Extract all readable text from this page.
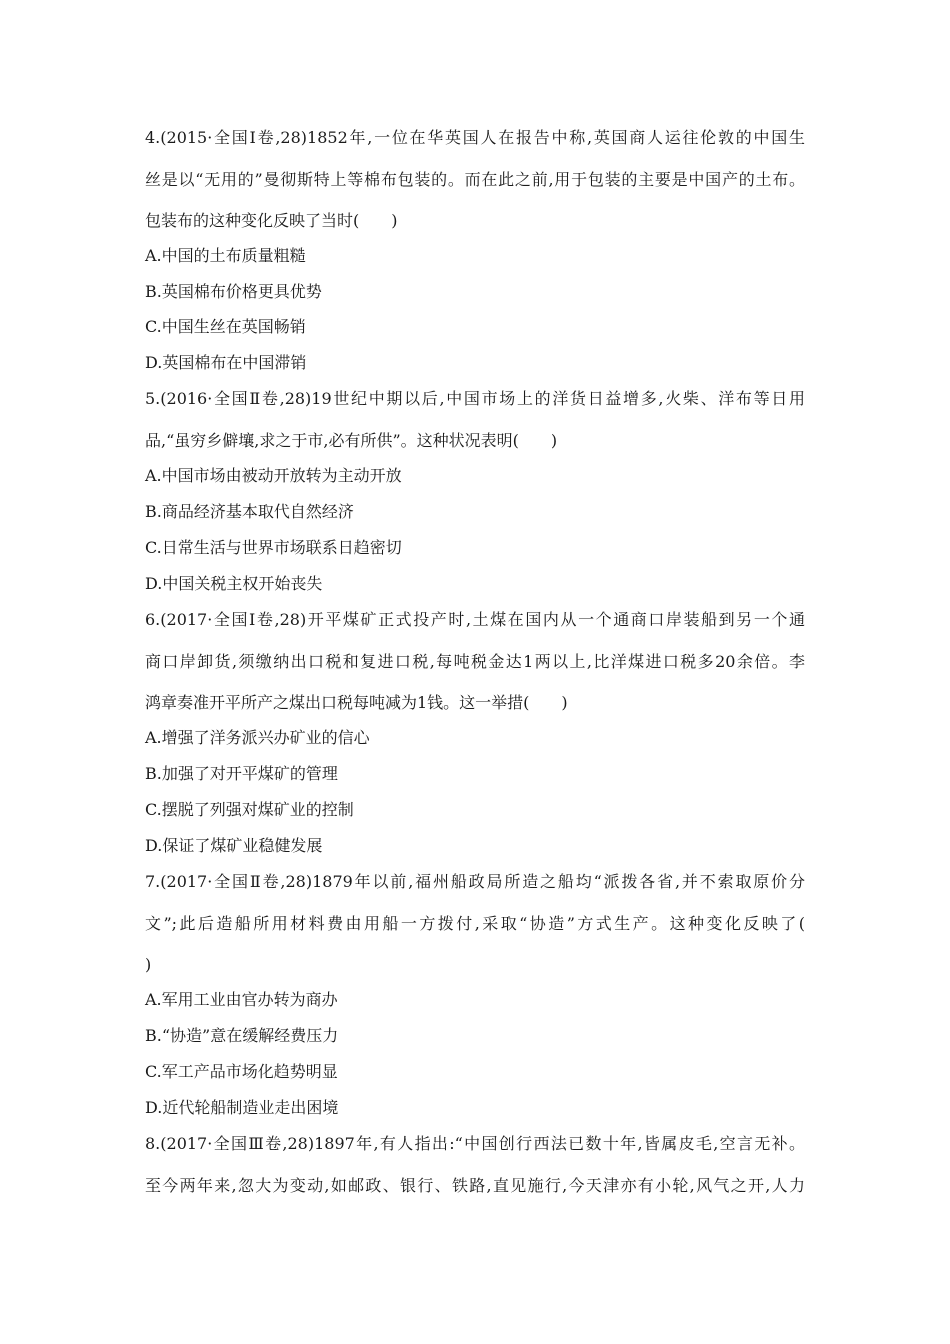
4.(2015·全国Ⅰ卷,28)1852年,一位在华英国人在报告中称,英国商人运往伦敦的中国生
丝是以“无用的”曼彻斯特上等棉布包装的。而在此之前,用于包装的主要是中国产的土布。
包装布的这种变化反映了当时(　　)
A.中国的土布质量粗糙
B.英国棉布价格更具优势
C.中国生丝在英国畅销
D.英国棉布在中国滞销
5.(2016·全国Ⅱ卷,28)19世纪中期以后,中国市场上的洋货日益增多,火柴、洋布等日用
品,“虽穷乡僻壤,求之于市,必有所供”。这种状况表明(　　)
A.中国市场由被动开放转为主动开放
B.商品经济基本取代自然经济
C.日常生活与世界市场联系日趋密切
D.中国关税主权开始丧失
6.(2017·全国Ⅰ卷,28)开平煤矿正式投产时,土煤在国内从一个通商口岸装船到另一个通
商口岸卸货,须缴纳出口税和复进口税,每吨税金达1两以上,比洋煤进口税多20余倍。李
鸿章奏准开平所产之煤出口税每吨减为1钱。这一举措(　　)
A.增强了洋务派兴办矿业的信心
B.加强了对开平煤矿的管理
C.摆脱了列强对煤矿业的控制
D.保证了煤矿业稳健发展
7.(2017·全国Ⅱ卷,28)1879年以前,福州船政局所造之船均“派拨各省,并不索取原价分
文”;此后造船所用材料费由用船一方拨付,采取“协造”方式生产。这种变化反映了(
)
A.军用工业由官办转为商办
B.“协造”意在缓解经费压力
C.军工产品市场化趋势明显
D.近代轮船制造业走出困境
8.(2017·全国Ⅲ卷,28)1897年,有人指出:“中国创行西法已数十年,皆属皮毛,空言无补。
至今两年来,忽大为变动,如邮政、银行、铁路,直见施行,今天津亦有小轮,风气之开,人力
